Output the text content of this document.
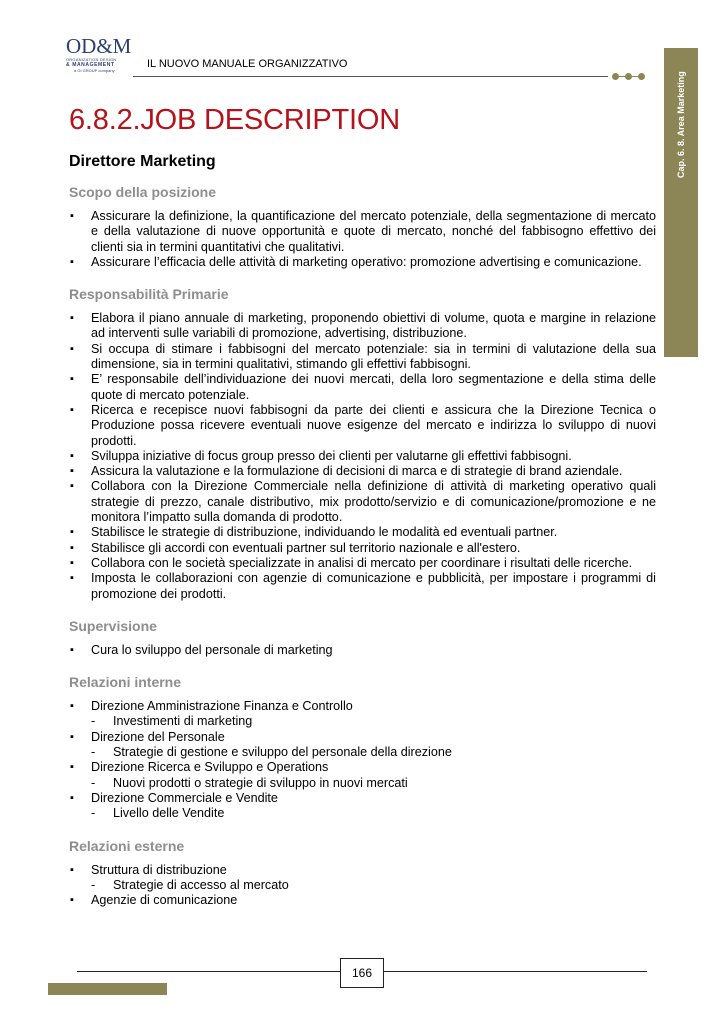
OD&M
ORGANIZATION DESIGN
& MANAGEMENT
a GI GROUP company
IL NUOVO MANUALE ORGANIZZATIVO
Cap. 6. 8. Area Marketing
6.8.2.JOB DESCRIPTION
Direttore Marketing
Scopo della posizione
▪ Assicurare la definizione, la quantificazione del mercato potenziale, della segmentazione di mercato e della valutazione di nuove opportunità e quote di mercato, nonché del fabbisogno effettivo dei clienti sia in termini quantitativi che qualitativi.
▪ Assicurare l’efficacia delle attività di marketing operativo: promozione advertising e comunicazione.
Responsabilità Primarie
▪ Elabora il piano annuale di marketing, proponendo obiettivi di volume, quota e margine in relazione ad interventi sulle variabili di promozione, advertising, distribuzione.
▪ Si occupa di stimare i fabbisogni del mercato potenziale: sia in termini di valutazione della sua dimensione, sia in termini qualitativi, stimando gli effettivi fabbisogni.
▪ E’ responsabile dell’individuazione dei nuovi mercati, della loro segmentazione e della stima delle quote di mercato potenziale.
▪ Ricerca e recepisce nuovi fabbisogni da parte dei clienti e assicura che la Direzione Tecnica o Produzione possa ricevere eventuali nuove esigenze del mercato e indirizza lo sviluppo di nuovi prodotti.
▪ Sviluppa iniziative di focus group presso dei clienti per valutarne gli effettivi fabbisogni.
▪ Assicura la valutazione e la formulazione di decisioni di marca e di strategie di brand aziendale.
▪ Collabora con la Direzione Commerciale nella definizione di attività di marketing operativo quali strategie di prezzo, canale distributivo, mix prodotto/servizio e di comunicazione/promozione e ne monitora l’impatto sulla domanda di prodotto.
▪ Stabilisce le strategie di distribuzione, individuando le modalità ed eventuali partner.
▪ Stabilisce gli accordi con eventuali partner sul territorio nazionale e all'estero.
▪ Collabora con le società specializzate in analisi di mercato per coordinare i risultati delle ricerche.
▪ Imposta le collaborazioni con agenzie di comunicazione e pubblicità, per impostare i programmi di promozione dei prodotti.
Supervisione
▪ Cura lo sviluppo del personale di marketing
Relazioni interne
▪ Direzione Amministrazione Finanza e Controllo
- Investimenti di marketing
▪ Direzione del Personale
- Strategie di gestione e sviluppo del personale della direzione
▪ Direzione Ricerca e Sviluppo e Operations
- Nuovi prodotti o strategie di sviluppo in nuovi mercati
▪ Direzione Commerciale e Vendite
- Livello delle Vendite
Relazioni esterne
▪ Struttura di distribuzione
- Strategie di accesso al mercato
▪ Agenzie di comunicazione
166
